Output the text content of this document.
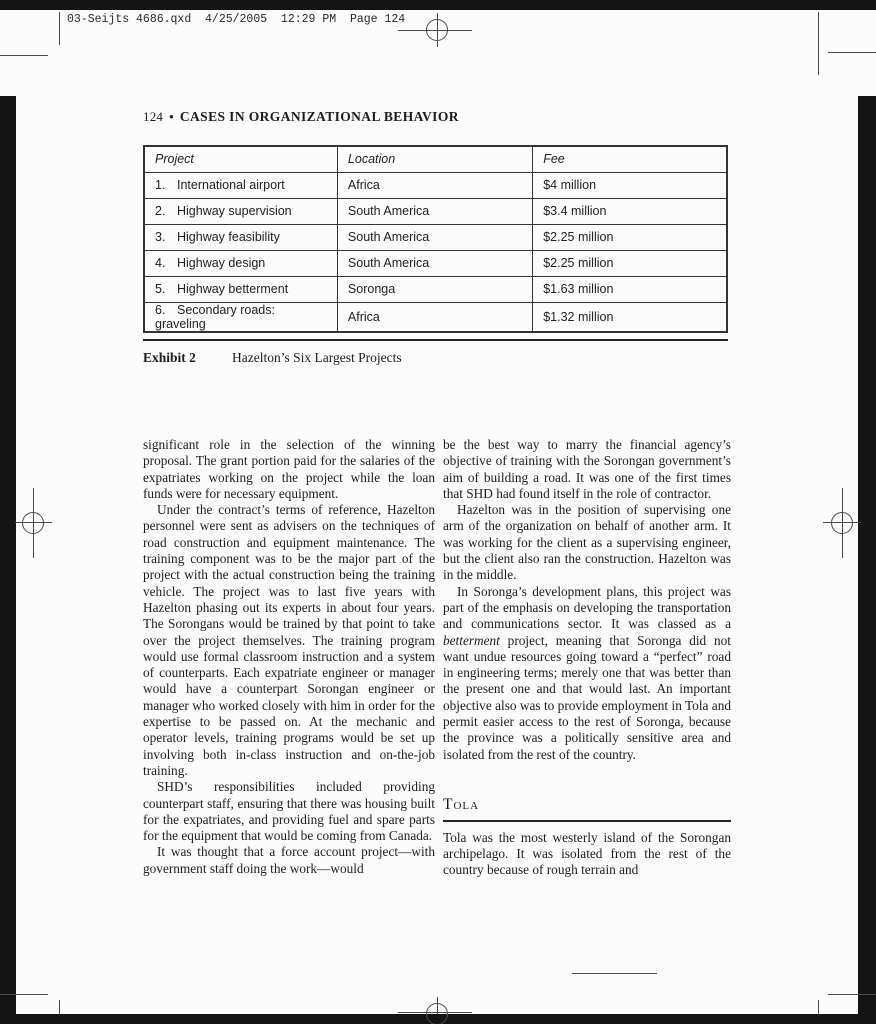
03-Seijts 4686.qxd  4/25/2005  12:29 PM  Page 124
124 • CASES IN ORGANIZATIONAL BEHAVIOR
Project	Location	Fee
1. International airport	Africa	$4 million
2. Highway supervision	South America	$3.4 million
3. Highway feasibility	South America	$2.25 million
4. Highway design	South America	$2.25 million
5. Highway betterment	Soronga	$1.63 million
6. Secondary roads: graveling	Africa	$1.32 million
Exhibit 2	Hazelton’s Six Largest Projects

significant role in the selection of the winning proposal. The grant portion paid for the salaries of the expatriates working on the project while the loan funds were for necessary equipment.

Under the contract’s terms of reference, Hazelton personnel were sent as advisers on the techniques of road construction and equipment maintenance. The training component was to be the major part of the project with the actual construction being the training vehicle. The project was to last five years with Hazelton phasing out its experts in about four years. The Sorongans would be trained by that point to take over the project themselves. The training program would use formal classroom instruction and a system of counterparts. Each expatriate engineer or manager would have a counterpart Sorongan engineer or manager who worked closely with him in order for the expertise to be passed on. At the mechanic and operator levels, training programs would be set up involving both in-class instruction and on-the-job training.

SHD’s responsibilities included providing counterpart staff, ensuring that there was housing built for the expatriates, and providing fuel and spare parts for the equipment that would be coming from Canada.

It was thought that a force account project—with government staff doing the work—would

be the best way to marry the financial agency’s objective of training with the Sorongan government’s aim of building a road. It was one of the first times that SHD had found itself in the role of contractor.

Hazelton was in the position of supervising one arm of the organization on behalf of another arm. It was working for the client as a supervising engineer, but the client also ran the construction. Hazelton was in the middle.

In Soronga’s development plans, this project was part of the emphasis on developing the transportation and communications sector. It was classed as a betterment project, meaning that Soronga did not want undue resources going toward a “perfect” road in engineering terms; merely one that was better than the present one and that would last. An important objective also was to provide employment in Tola and permit easier access to the rest of Soronga, because the province was a politically sensitive area and isolated from the rest of the country.

Tola

Tola was the most westerly island of the Sorongan archipelago. It was isolated from the rest of the country because of rough terrain and
